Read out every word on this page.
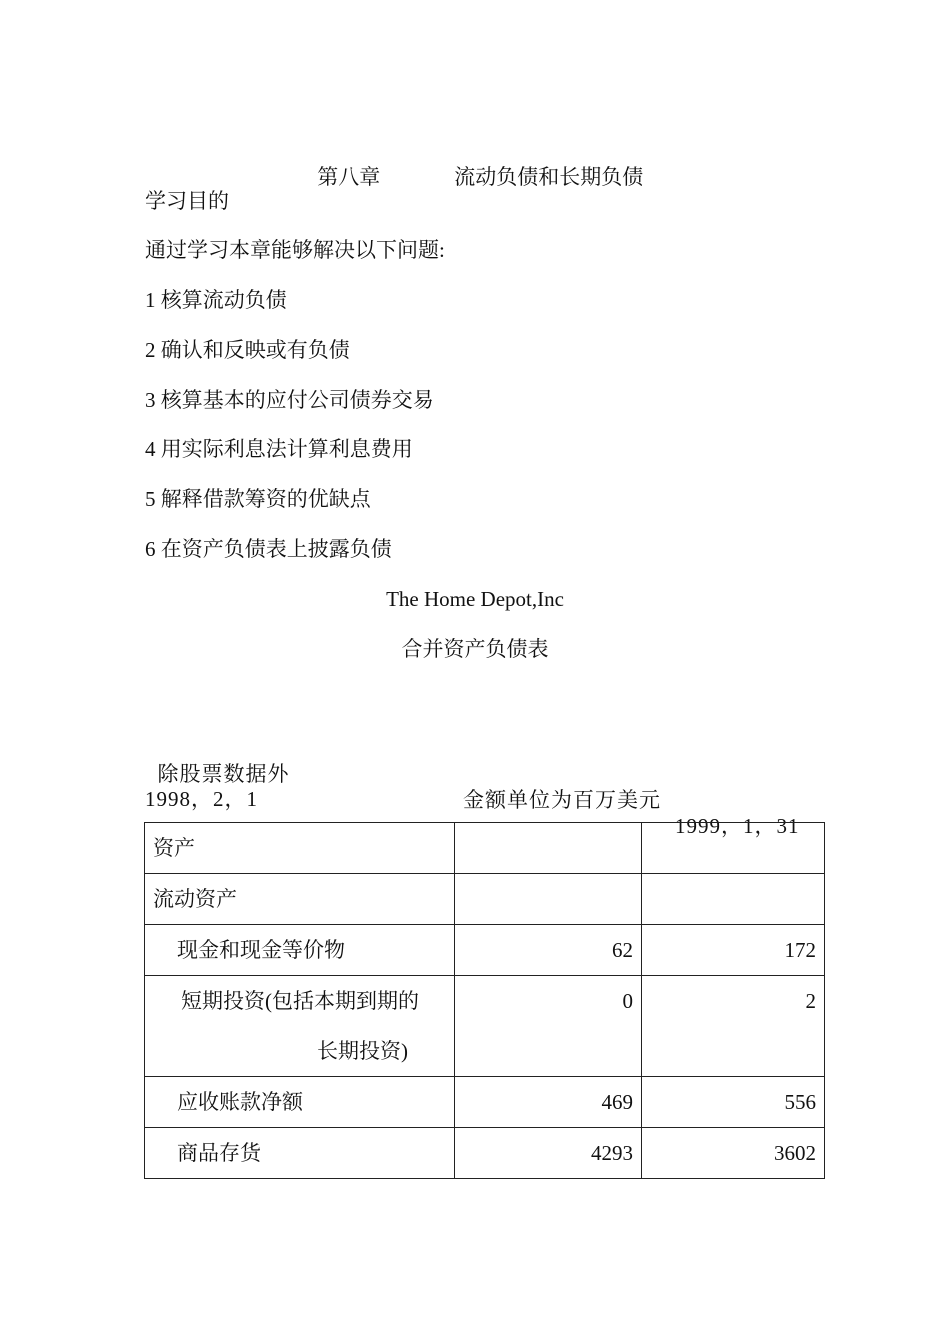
第八章	流动负债和长期负债

学习目的
通过学习本章能够解决以下问题:
1 核算流动负债
2 确认和反映或有负债
3 核算基本的应付公司债券交易
4 用实际利息法计算利息费用
5 解释借款筹资的优缺点
6 在资产负债表上披露负债
The Home Depot,Inc
合并资产负债表

除股票数据外

金额单位为百万美元

1999，1，31

1998，2，1
资产		
流动资产		
现金和现金等价物	62	172

短期投资(包括本期到期的
长期投资)	0	2
应收账款净额	469	556
商品存货	4293	3602
